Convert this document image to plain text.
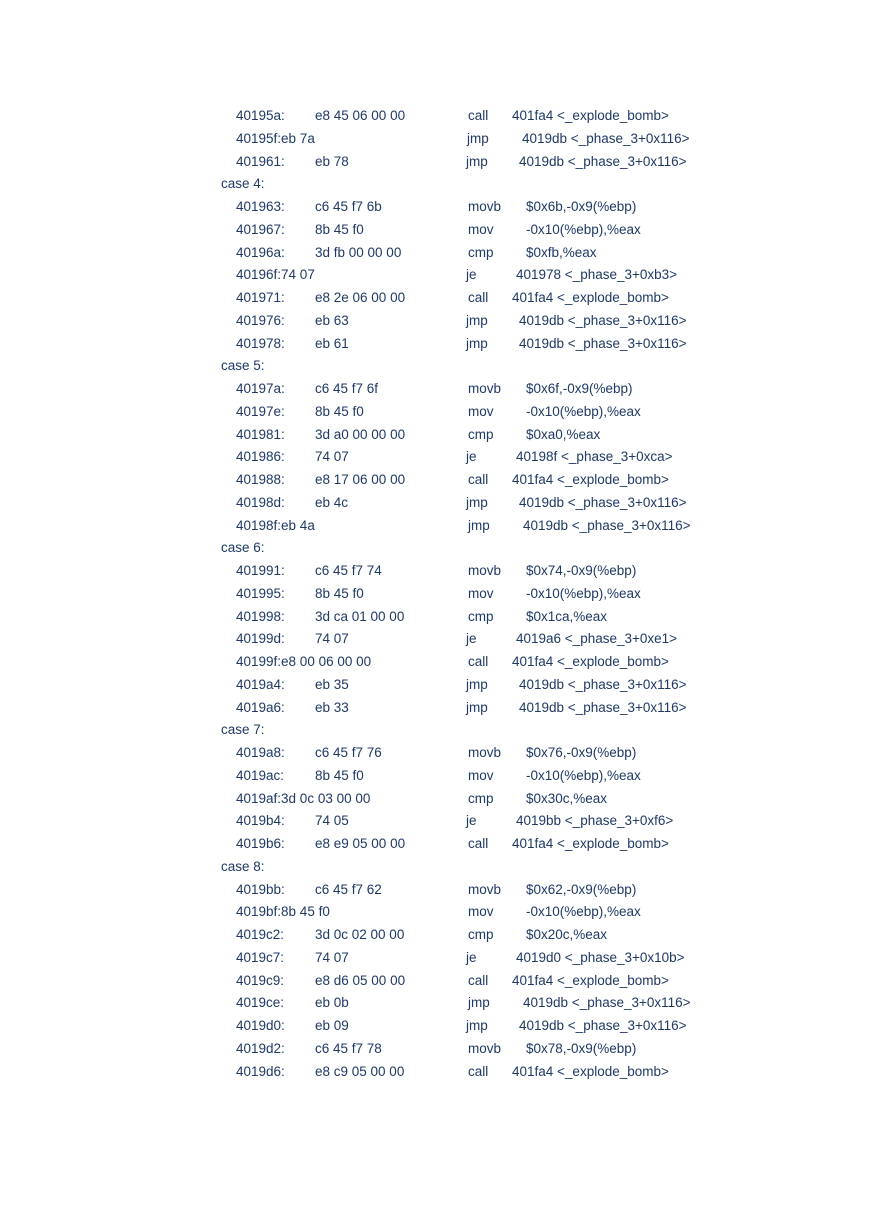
40195a: e8 45 06 00 00	call 401fa4 <_explode_bomb>
40195f:eb 7a	jmp 4019db <_phase_3+0x116>
401961: eb 78	jmp 4019db <_phase_3+0x116>
case 4:
401963: c6 45 f7 6b	movb $0x6b,-0x9(%ebp)
401967: 8b 45 f0	mov -0x10(%ebp),%eax
40196a: 3d fb 00 00 00	cmp $0xfb,%eax
40196f:74 07	je	401978 <_phase_3+0xb3>
401971: e8 2e 06 00 00	call 401fa4 <_explode_bomb>
401976: eb 63	jmp 4019db <_phase_3+0x116>
401978: eb 61	jmp 4019db <_phase_3+0x116>
case 5:
40197a: c6 45 f7 6f	movb $0x6f,-0x9(%ebp)
40197e: 8b 45 f0	mov -0x10(%ebp),%eax
401981: 3d a0 00 00 00	cmp $0xa0,%eax
401986: 74 07	je	40198f <_phase_3+0xca>
401988: e8 17 06 00 00	call 401fa4 <_explode_bomb>
40198d: eb 4c	jmp 4019db <_phase_3+0x116>
40198f:eb 4a	jmp 4019db <_phase_3+0x116>
case 6:
401991: c6 45 f7 74	movb $0x74,-0x9(%ebp)
401995: 8b 45 f0	mov -0x10(%ebp),%eax
401998: 3d ca 01 00 00	cmp $0x1ca,%eax
40199d: 74 07	je	4019a6 <_phase_3+0xe1>
40199f:e8 00 06 00 00	call 401fa4 <_explode_bomb>
4019a4: eb 35	jmp 4019db <_phase_3+0x116>
4019a6: eb 33	jmp 4019db <_phase_3+0x116>
case 7:
4019a8: c6 45 f7 76	movb $0x76,-0x9(%ebp)
4019ac: 8b 45 f0	mov -0x10(%ebp),%eax
4019af:3d 0c 03 00 00	cmp $0x30c,%eax
4019b4: 74 05	je	4019bb <_phase_3+0xf6>
4019b6: e8 e9 05 00 00	call 401fa4 <_explode_bomb>
case 8:
4019bb: c6 45 f7 62	movb $0x62,-0x9(%ebp)
4019bf:8b 45 f0	mov -0x10(%ebp),%eax
4019c2: 3d 0c 02 00 00	cmp $0x20c,%eax
4019c7: 74 07	je	4019d0 <_phase_3+0x10b>
4019c9: e8 d6 05 00 00	call 401fa4 <_explode_bomb>
4019ce: eb 0b	jmp 4019db <_phase_3+0x116>
4019d0: eb 09	jmp 4019db <_phase_3+0x116>
4019d2: c6 45 f7 78	movb $0x78,-0x9(%ebp)
4019d6: e8 c9 05 00 00	call 401fa4 <_explode_bomb>
